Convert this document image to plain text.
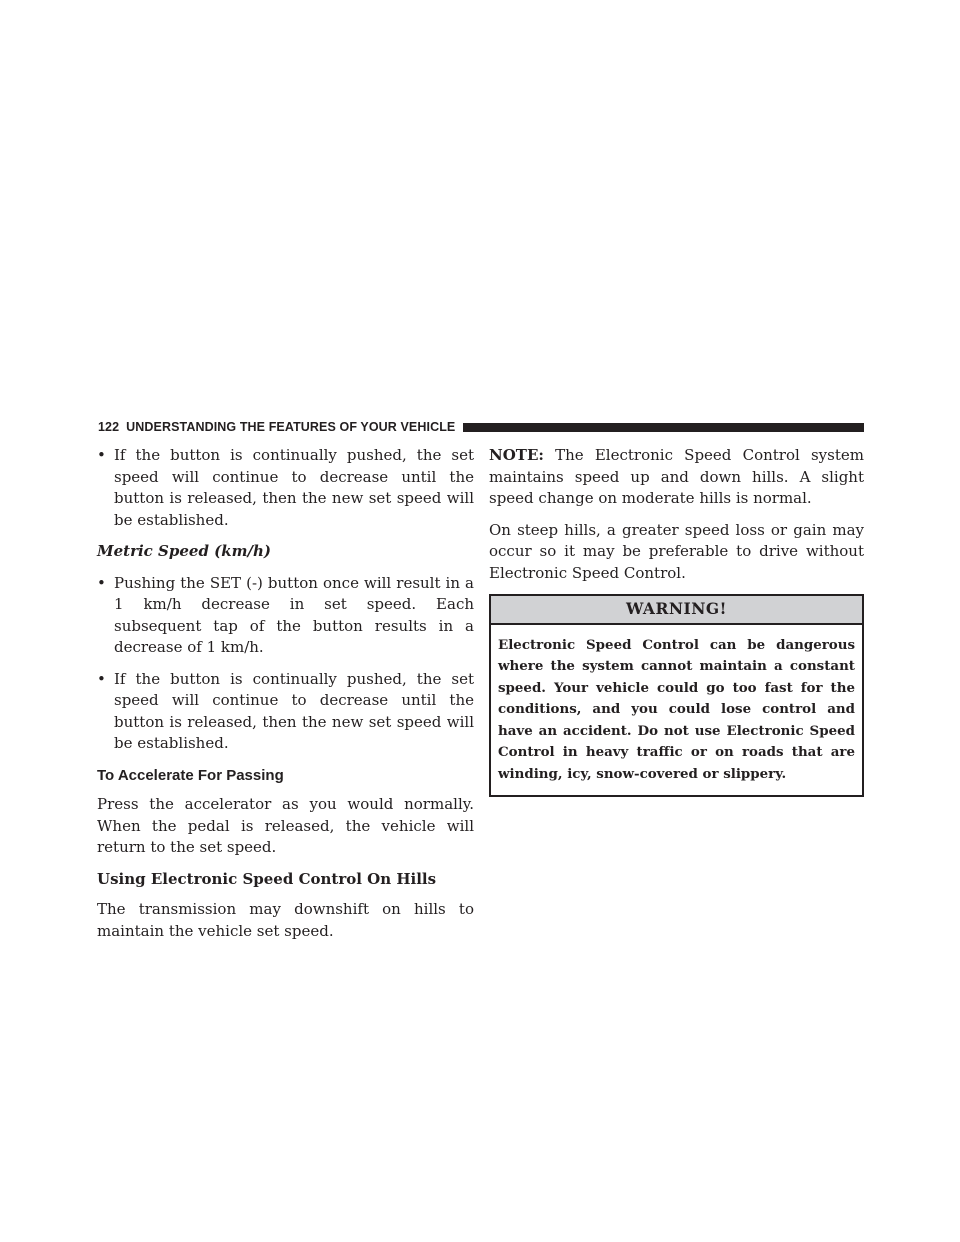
122 UNDERSTANDING THE FEATURES OF YOUR VEHICLE
• If the button is continually pushed, the set speed will continue to decrease until the button is released, then the new set speed will be established.
Metric Speed (km/h)
• Pushing the SET (-) button once will result in a 1 km/h decrease in set speed. Each subsequent tap of the button results in a decrease of 1 km/h.
• If the button is continually pushed, the set speed will continue to decrease until the button is released, then the new set speed will be established.
To Accelerate For Passing

Press the accelerator as you would normally. When the pedal is released, the vehicle will return to the set speed.

Using Electronic Speed Control On Hills

The transmission may downshift on hills to maintain the vehicle set speed.

NOTE: The Electronic Speed Control system maintains speed up and down hills. A slight speed change on moderate hills is normal.

On steep hills, a greater speed loss or gain may occur so it may be preferable to drive without Electronic Speed Control.

WARNING!
Electronic Speed Control can be dangerous where the system cannot maintain a constant speed. Your vehicle could go too fast for the conditions, and you could lose control and have an accident. Do not use Electronic Speed Control in heavy traffic or on roads that are winding, icy, snow-covered or slippery.
